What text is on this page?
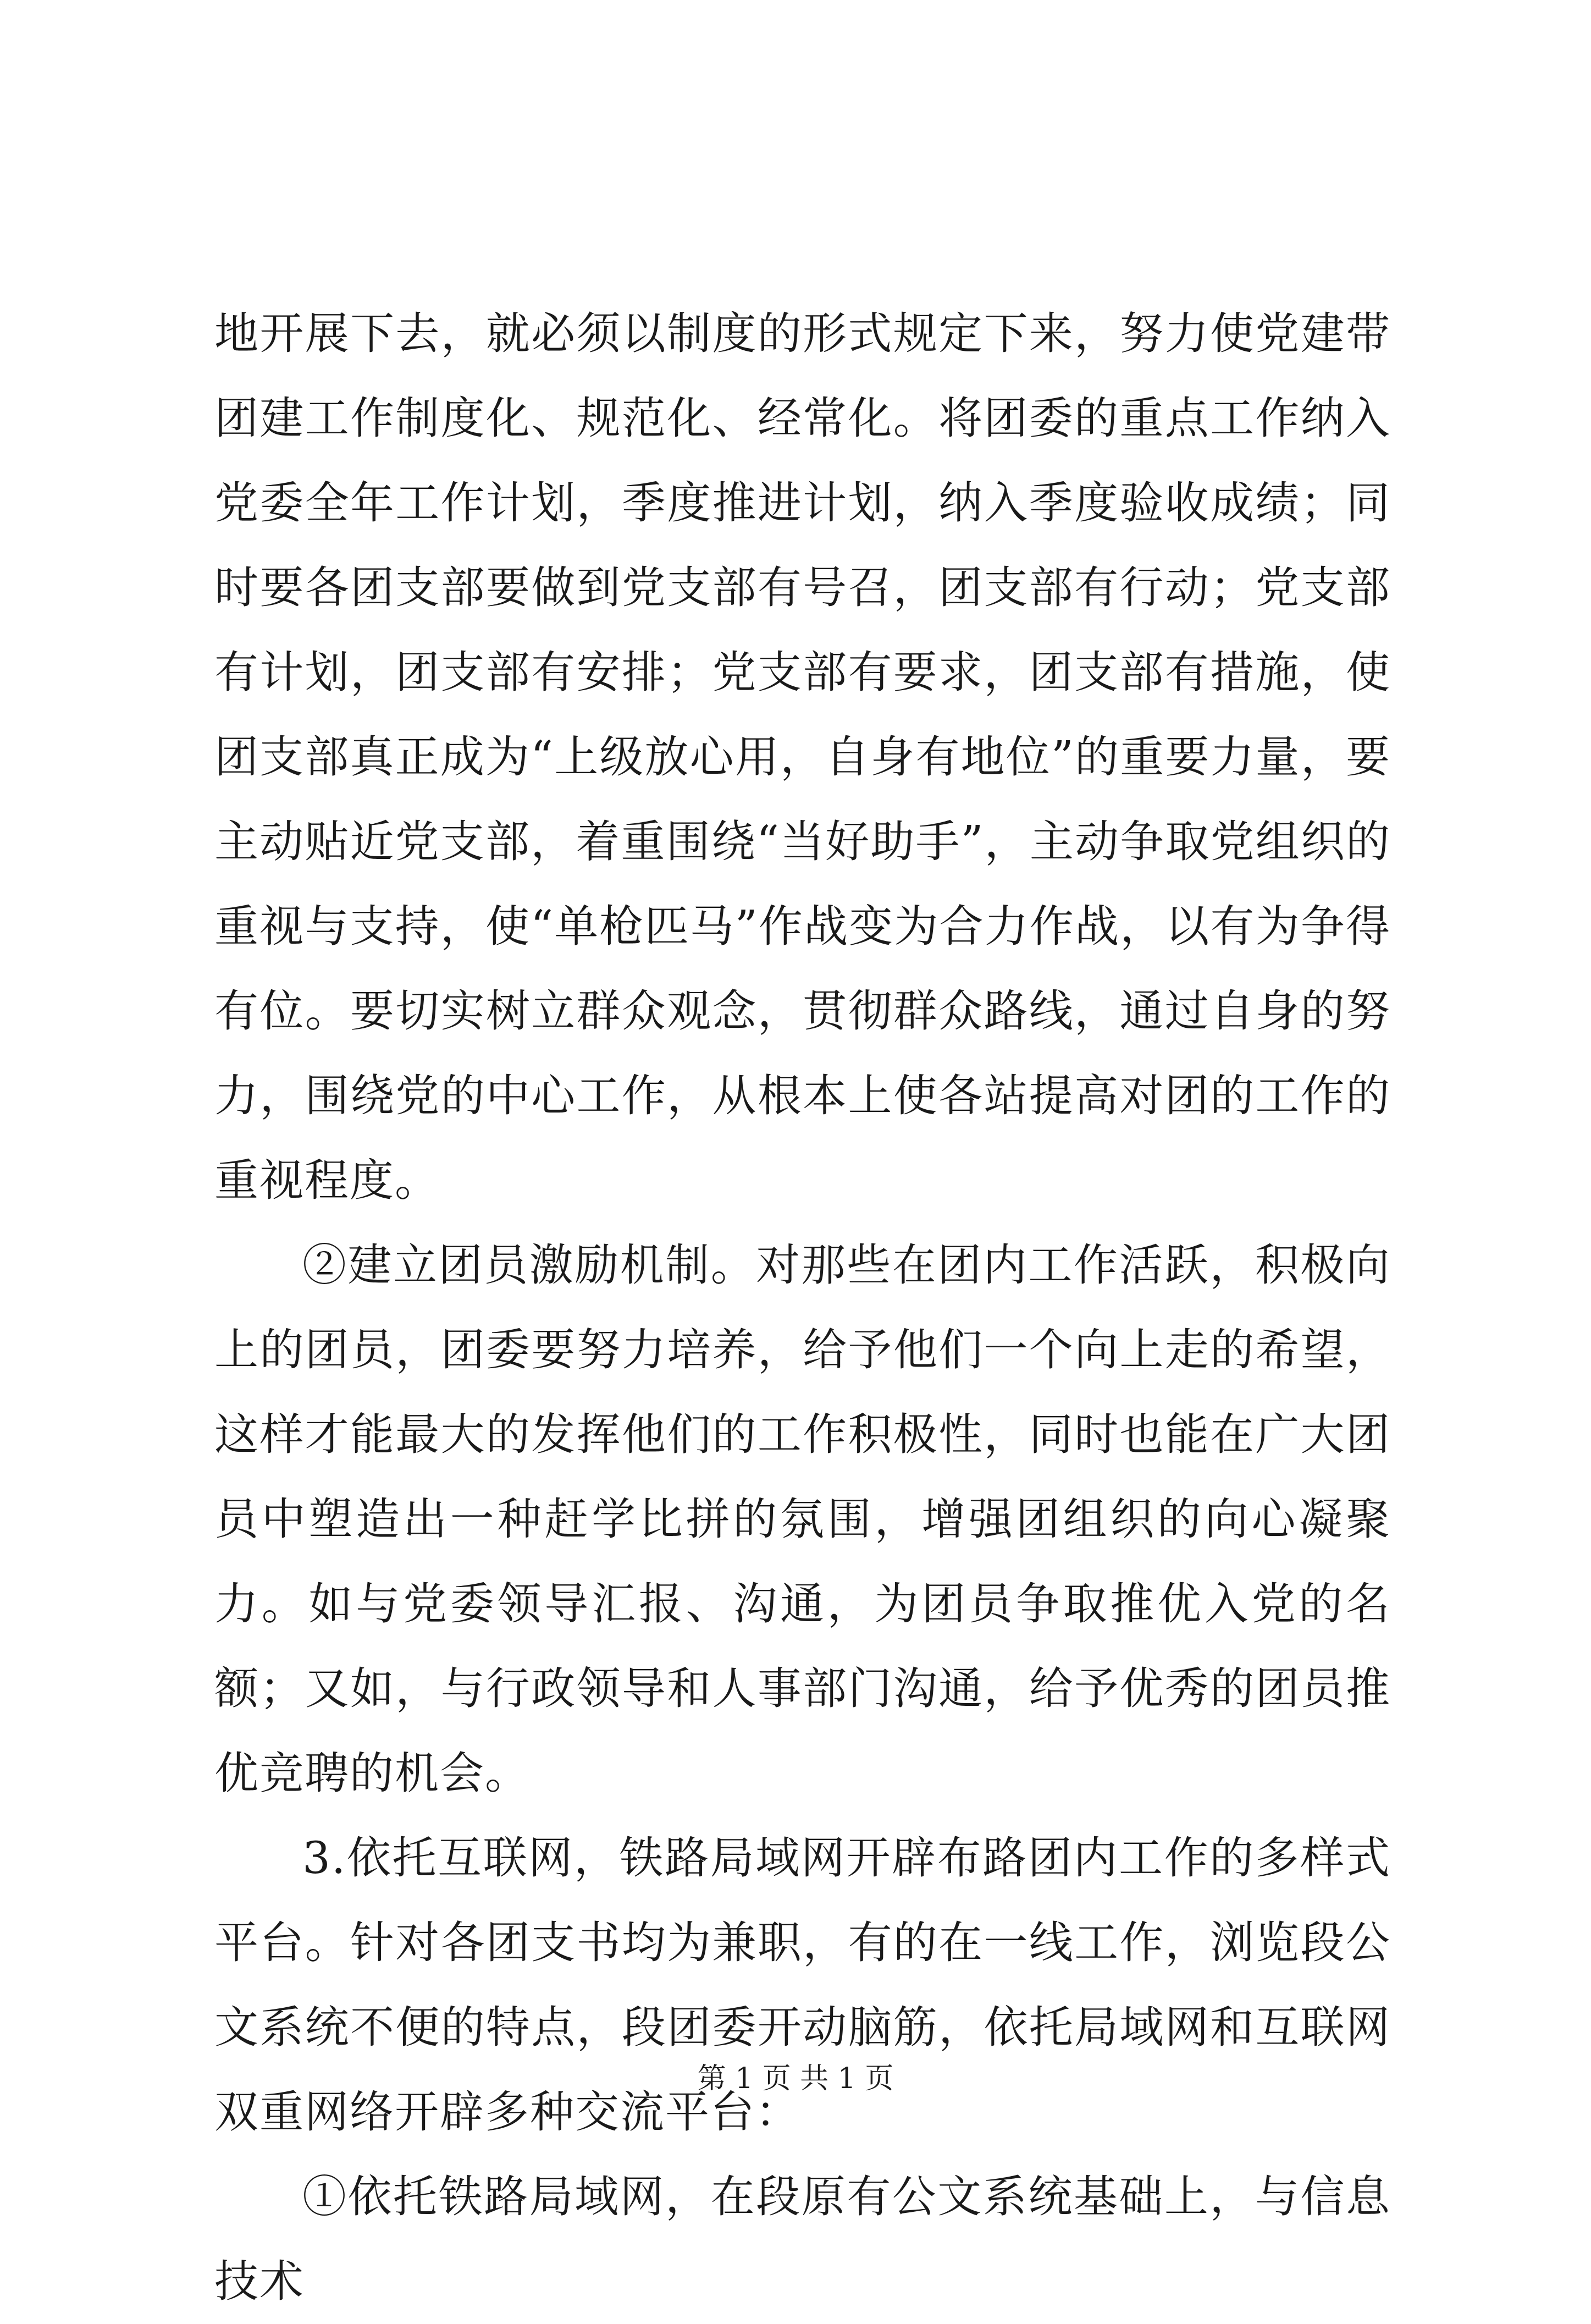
地开展下去，就必须以制度的形式规定下来，努力使党建带团建工作制度化、规范化、经常化。将团委的重点工作纳入党委全年工作计划，季度推进计划，纳入季度验收成绩；同时要各团支部要做到党支部有号召，团支部有行动；党支部有计划，团支部有安排；党支部有要求，团支部有措施，使团支部真正成为“上级放心用，自身有地位”的重要力量，要主动贴近党支部，着重围绕“当好助手”，主动争取党组织的重视与支持，使“单枪匹马”作战变为合力作战，以有为争得有位。要切实树立群众观念，贯彻群众路线，通过自身的努力，围绕党的中心工作，从根本上使各站提高对团的工作的重视程度。

②建立团员激励机制。对那些在团内工作活跃，积极向上的团员，团委要努力培养，给予他们一个向上走的希望，这样才能最大的发挥他们的工作积极性，同时也能在广大团员中塑造出一种赶学比拼的氛围，增强团组织的向心凝聚力。如与党委领导汇报、沟通，为团员争取推优入党的名额；又如，与行政领导和人事部门沟通，给予优秀的团员推优竞聘的机会。

3.依托互联网，铁路局域网开辟布路团内工作的多样式平台。针对各团支书均为兼职，有的在一线工作，浏览段公文系统不便的特点，段团委开动脑筋，依托局域网和互联网双重网络开辟多种交流平台：

①依托铁路局域网，在段原有公文系统基础上，与信息技术

第 1 页 共 1 页
